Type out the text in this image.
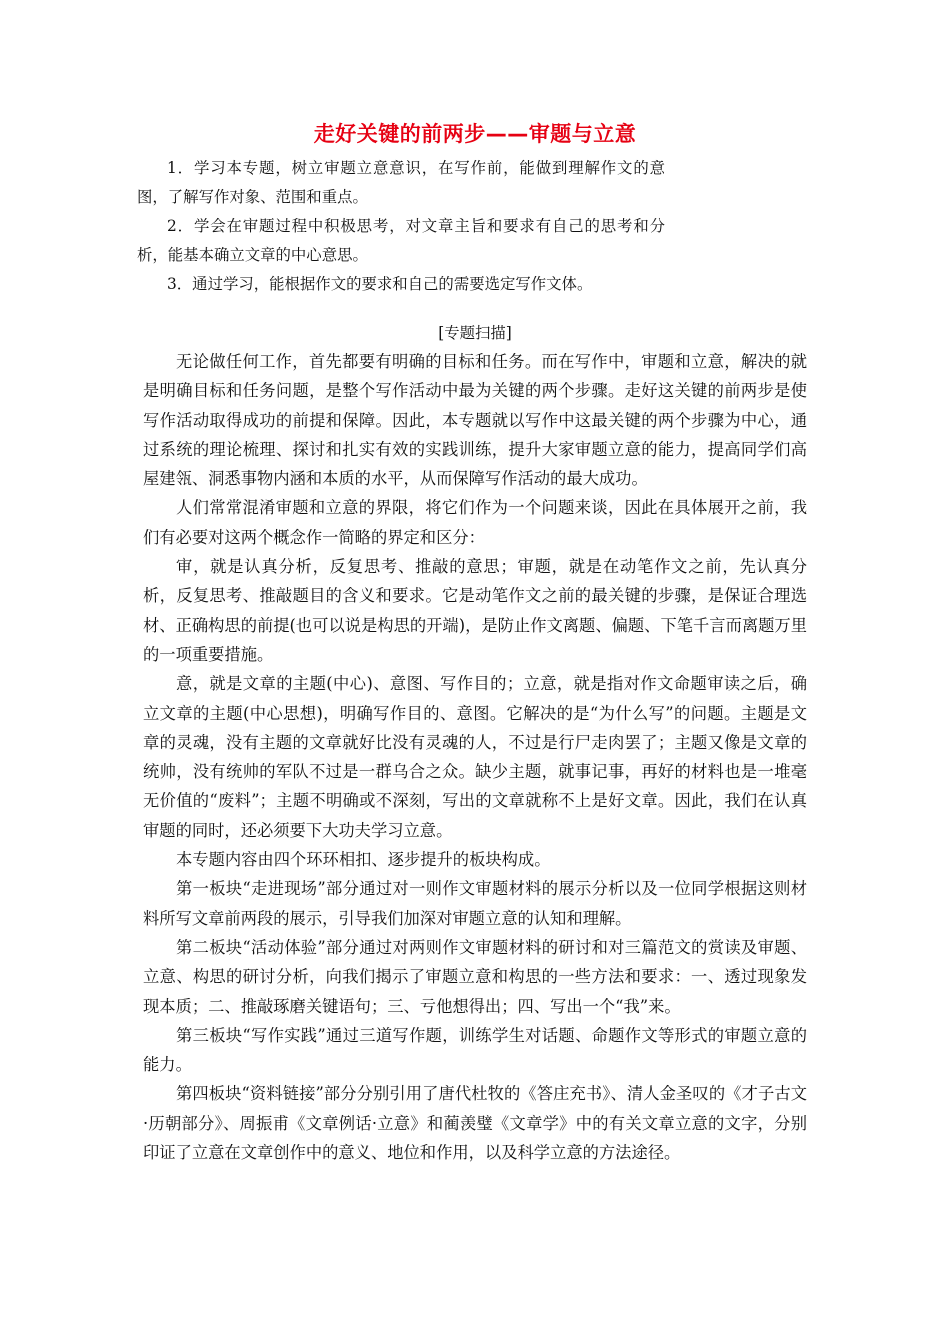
走好关键的前两步——审题与立意

1．学习本专题，树立审题立意意识，在写作前，能做到理解作文的意图，了解写作对象、范围和重点。

2．学会在审题过程中积极思考，对文章主旨和要求有自己的思考和分析，能基本确立文章的中心意思。

3．通过学习，能根据作文的要求和自己的需要选定写作文体。

[专题扫描]

无论做任何工作，首先都要有明确的目标和任务。而在写作中，审题和立意，解决的就是明确目标和任务问题，是整个写作活动中最为关键的两个步骤。走好这关键的前两步是使写作活动取得成功的前提和保障。因此，本专题就以写作中这最关键的两个步骤为中心，通过系统的理论梳理、探讨和扎实有效的实践训练，提升大家审题立意的能力，提高同学们高屋建瓴、洞悉事物内涵和本质的水平，从而保障写作活动的最大成功。

人们常常混淆审题和立意的界限，将它们作为一个问题来谈，因此在具体展开之前，我们有必要对这两个概念作一简略的界定和区分：

审，就是认真分析，反复思考、推敲的意思；审题，就是在动笔作文之前，先认真分析，反复思考、推敲题目的含义和要求。它是动笔作文之前的最关键的步骤，是保证合理选材、正确构思的前提(也可以说是构思的开端)，是防止作文离题、偏题、下笔千言而离题万里的一项重要措施。

意，就是文章的主题(中心)、意图、写作目的；立意，就是指对作文命题审读之后，确立文章的主题(中心思想)，明确写作目的、意图。它解决的是“为什么写”的问题。主题是文章的灵魂，没有主题的文章就好比没有灵魂的人，不过是行尸走肉罢了；主题又像是文章的统帅，没有统帅的军队不过是一群乌合之众。缺少主题，就事记事，再好的材料也是一堆毫无价值的“废料”；主题不明确或不深刻，写出的文章就称不上是好文章。因此，我们在认真审题的同时，还必须要下大功夫学习立意。

本专题内容由四个环环相扣、逐步提升的板块构成。

第一板块“走进现场”部分通过对一则作文审题材料的展示分析以及一位同学根据这则材料所写文章前两段的展示，引导我们加深对审题立意的认知和理解。

第二板块“活动体验”部分通过对两则作文审题材料的研讨和对三篇范文的赏读及审题、立意、构思的研讨分析，向我们揭示了审题立意和构思的一些方法和要求：一、透过现象发现本质；二、推敲琢磨关键语句；三、亏他想得出；四、写出一个“我”来。

第三板块“写作实践”通过三道写作题，训练学生对话题、命题作文等形式的审题立意的能力。

第四板块“资料链接”部分分别引用了唐代杜牧的《答庄充书》、清人金圣叹的《才子古文·历朝部分》、周振甫《文章例话·立意》和蔺羡璧《文章学》中的有关文章立意的文字，分别印证了立意在文章创作中的意义、地位和作用，以及科学立意的方法途径。
